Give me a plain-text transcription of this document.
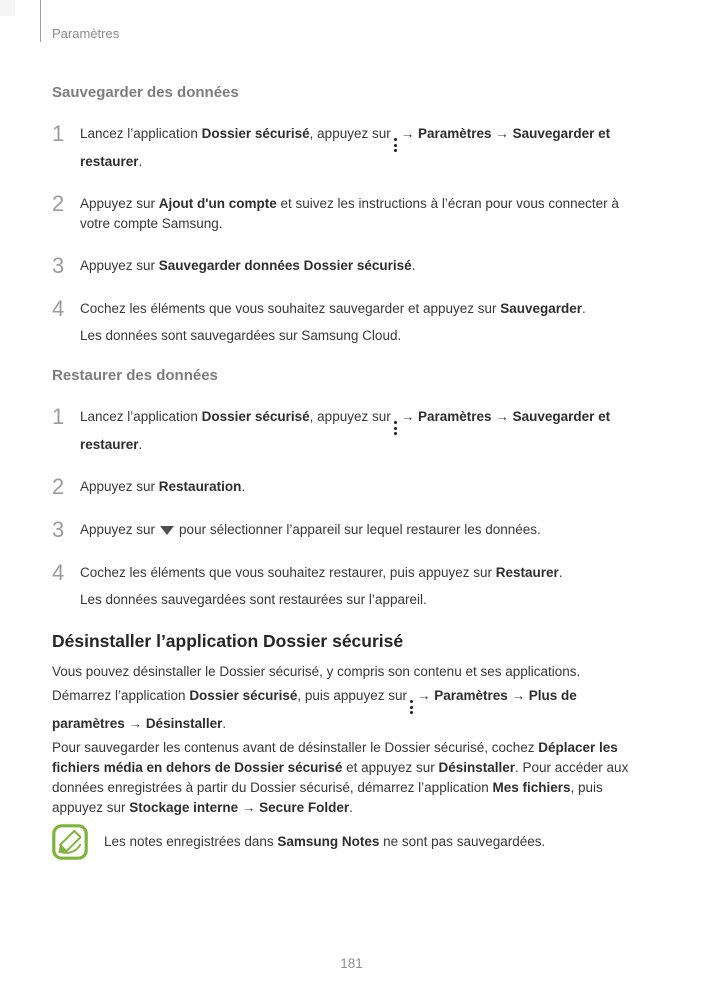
Paramètres
Sauvegarder des données
1	Lancez l’application Dossier sécurisé, appuyez sur → Paramètres → Sauvegarder et restaurer.

2	Appuyez sur Ajout d'un compte et suivez les instructions à l’écran pour vous connecter à votre compte Samsung.

3	Appuyez sur Sauvegarder données Dossier sécurisé.

4	Cochez les éléments que vous souhaitez sauvegarder et appuyez sur Sauvegarder.

Les données sont sauvegardées sur Samsung Cloud.

Restaurer des données
1	Lancez l’application Dossier sécurisé, appuyez sur → Paramètres → Sauvegarder et restaurer.

2	Appuyez sur Restauration.

3	Appuyez sur pour sélectionner l’appareil sur lequel restaurer les données.

4	Cochez les éléments que vous souhaitez restaurer, puis appuyez sur Restaurer.

Les données sauvegardées sont restaurées sur l’appareil.

Désinstaller l’application Dossier sécurisé

Vous pouvez désinstaller le Dossier sécurisé, y compris son contenu et ses applications.

Démarrez l’application Dossier sécurisé, puis appuyez sur → Paramètres → Plus de paramètres → Désinstaller.

Pour sauvegarder les contenus avant de désinstaller le Dossier sécurisé, cochez Déplacer les fichiers média en dehors de Dossier sécurisé et appuyez sur Désinstaller. Pour accéder aux données enregistrées à partir du Dossier sécurisé, démarrez l’application Mes fichiers, puis appuyez sur Stockage interne → Secure Folder.

Les notes enregistrées dans Samsung Notes ne sont pas sauvegardées.

181
